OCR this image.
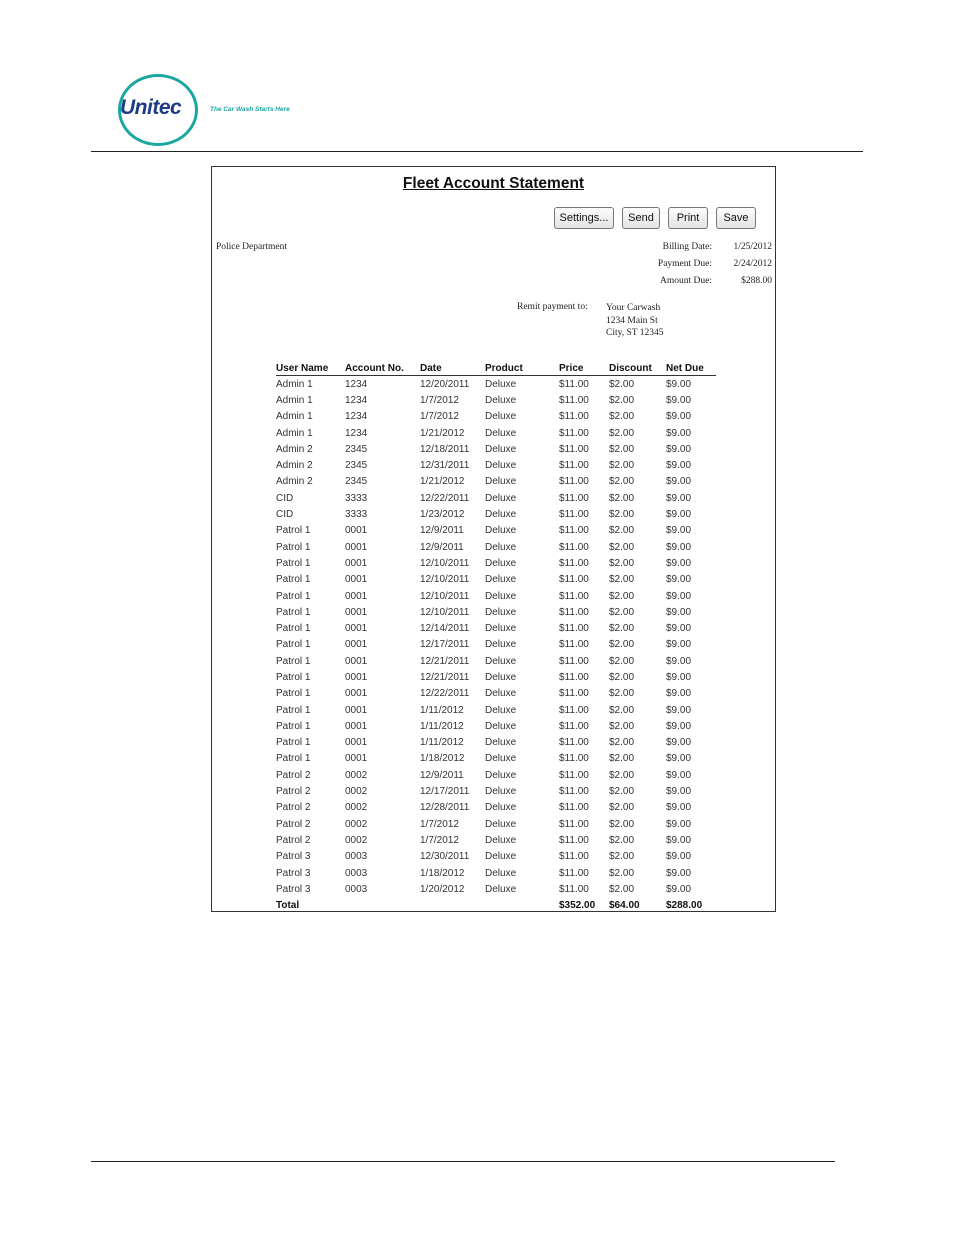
Unitec	The Car Wash Starts Here
Fleet Account Statement
Settings...	Send	Print	Save
Police Department	Billing Date:	1/25/2012
Payment Due:	2/24/2012
Amount Due:	$288.00
Remit payment to: Your Carwash
1234 Main St
City, ST 12345
User Name	Account No.	Date	Product	Price	Discount	Net Due
Admin 1	1234	12/20/2011	Deluxe	$11.00	$2.00	$9.00
Admin 1	1234	1/7/2012	Deluxe	$11.00	$2.00	$9.00
Admin 1	1234	1/7/2012	Deluxe	$11.00	$2.00	$9.00
Admin 1	1234	1/21/2012	Deluxe	$11.00	$2.00	$9.00
Admin 2	2345	12/18/2011	Deluxe	$11.00	$2.00	$9.00
Admin 2	2345	12/31/2011	Deluxe	$11.00	$2.00	$9.00
Admin 2	2345	1/21/2012	Deluxe	$11.00	$2.00	$9.00
CID	3333	12/22/2011	Deluxe	$11.00	$2.00	$9.00
CID	3333	1/23/2012	Deluxe	$11.00	$2.00	$9.00
Patrol 1	0001	12/9/2011	Deluxe	$11.00	$2.00	$9.00
Patrol 1	0001	12/9/2011	Deluxe	$11.00	$2.00	$9.00
Patrol 1	0001	12/10/2011	Deluxe	$11.00	$2.00	$9.00
Patrol 1	0001	12/10/2011	Deluxe	$11.00	$2.00	$9.00
Patrol 1	0001	12/10/2011	Deluxe	$11.00	$2.00	$9.00
Patrol 1	0001	12/10/2011	Deluxe	$11.00	$2.00	$9.00
Patrol 1	0001	12/14/2011	Deluxe	$11.00	$2.00	$9.00
Patrol 1	0001	12/17/2011	Deluxe	$11.00	$2.00	$9.00
Patrol 1	0001	12/21/2011	Deluxe	$11.00	$2.00	$9.00
Patrol 1	0001	12/21/2011	Deluxe	$11.00	$2.00	$9.00
Patrol 1	0001	12/22/2011	Deluxe	$11.00	$2.00	$9.00
Patrol 1	0001	1/11/2012	Deluxe	$11.00	$2.00	$9.00
Patrol 1	0001	1/11/2012	Deluxe	$11.00	$2.00	$9.00
Patrol 1	0001	1/11/2012	Deluxe	$11.00	$2.00	$9.00
Patrol 1	0001	1/18/2012	Deluxe	$11.00	$2.00	$9.00
Patrol 2	0002	12/9/2011	Deluxe	$11.00	$2.00	$9.00
Patrol 2	0002	12/17/2011	Deluxe	$11.00	$2.00	$9.00
Patrol 2	0002	12/28/2011	Deluxe	$11.00	$2.00	$9.00
Patrol 2	0002	1/7/2012	Deluxe	$11.00	$2.00	$9.00
Patrol 2	0002	1/7/2012	Deluxe	$11.00	$2.00	$9.00
Patrol 3	0003	12/30/2011	Deluxe	$11.00	$2.00	$9.00
Patrol 3	0003	1/18/2012	Deluxe	$11.00	$2.00	$9.00
Patrol 3	0003	1/20/2012	Deluxe	$11.00	$2.00	$9.00
Total				$352.00	$64.00	$288.00
